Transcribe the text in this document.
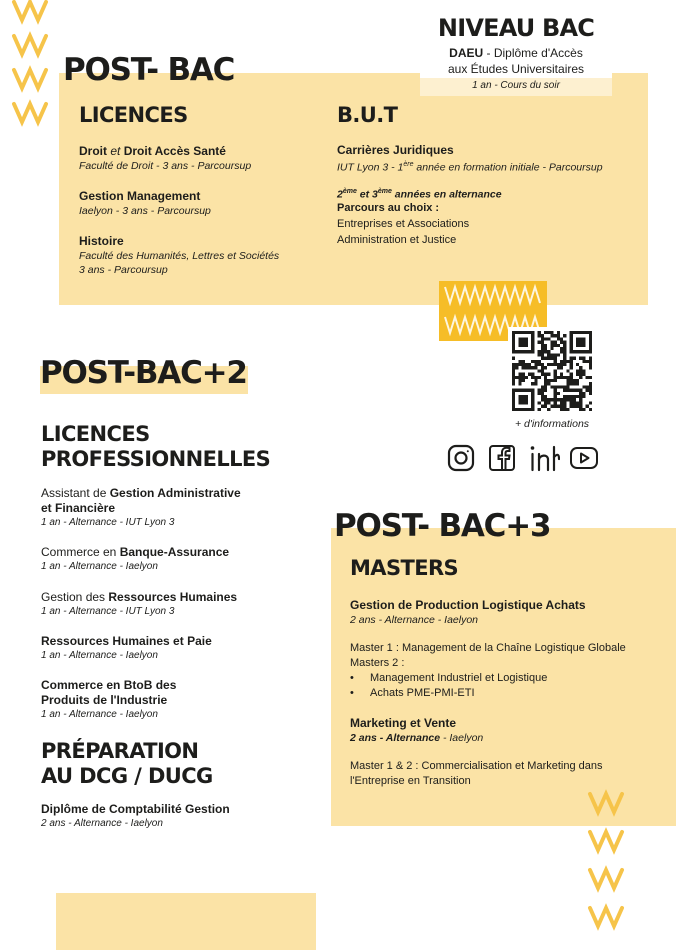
NIVEAU BAC
DAEU - Diplôme d'Accès
aux Études Universitaires
1 an - Cours du soir
POST- BAC
LICENCES
Droit et Droit Accès Santé
Faculté de Droit - 3 ans - Parcoursup
Gestion Management
Iaelyon - 3 ans - Parcoursup
Histoire
Faculté des Humanités, Lettres et Sociétés
3 ans - Parcoursup
B.U.T
Carrières Juridiques
IUT Lyon 3 - 1ère année en formation initiale - Parcoursup
2ème et 3ème années en alternance
Parcours au choix :
Entreprises et Associations
Administration et Justice
+ d'informations
POST-BAC+2
LICENCES
PROFESSIONNELLES
Assistant de Gestion Administrative
et Financière
1 an - Alternance - IUT Lyon 3
Commerce en Banque-Assurance
1 an - Alternance - Iaelyon
Gestion des Ressources Humaines
1 an - Alternance - IUT Lyon 3
Ressources Humaines et Paie
1 an - Alternance - Iaelyon
Commerce en BtoB des
Produits de l'Industrie
1 an - Alternance - Iaelyon
PRÉPARATION
AU DCG / DUCG
Diplôme de Comptabilité Gestion
2 ans - Alternance - Iaelyon
POST- BAC+3
MASTERS
Gestion de Production Logistique Achats
2 ans - Alternance - Iaelyon
Master 1 : Management de la Chaîne Logistique Globale
Masters 2 :
• Management Industriel et Logistique
• Achats PME-PMI-ETI
Marketing et Vente
2 ans - Alternance - Iaelyon
Master 1 & 2 : Commercialisation et Marketing dans
l'Entreprise en Transition
